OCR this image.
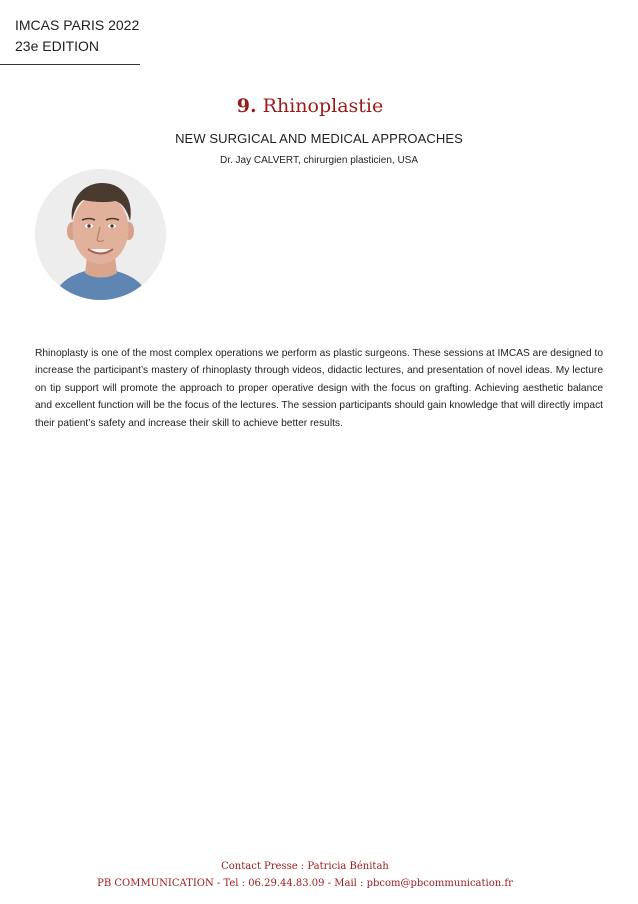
IMCAS PARIS 2022
23e EDITION
9. Rhinoplastie
NEW SURGICAL AND MEDICAL APPROACHES
Dr. Jay CALVERT, chirurgien plasticien, USA
Rhinoplasty is one of the most complex operations we perform as plastic surgeons. These sessions at IMCAS are designed to increase the participant’s mastery of rhinoplasty through videos, didactic lectures, and presentation of novel ideas. My lecture on tip support will promote the approach to proper operative design with the focus on grafting. Achieving aesthetic balance and excellent function will be the focus of the lectures. The session participants should gain knowledge that will directly impact their patient’s safety and increase their skill to achieve better results.
Contact Presse : Patricia Bénitah
PB COMMUNICATION - Tel : 06.29.44.83.09 - Mail : pbcom@pbcommunication.fr
